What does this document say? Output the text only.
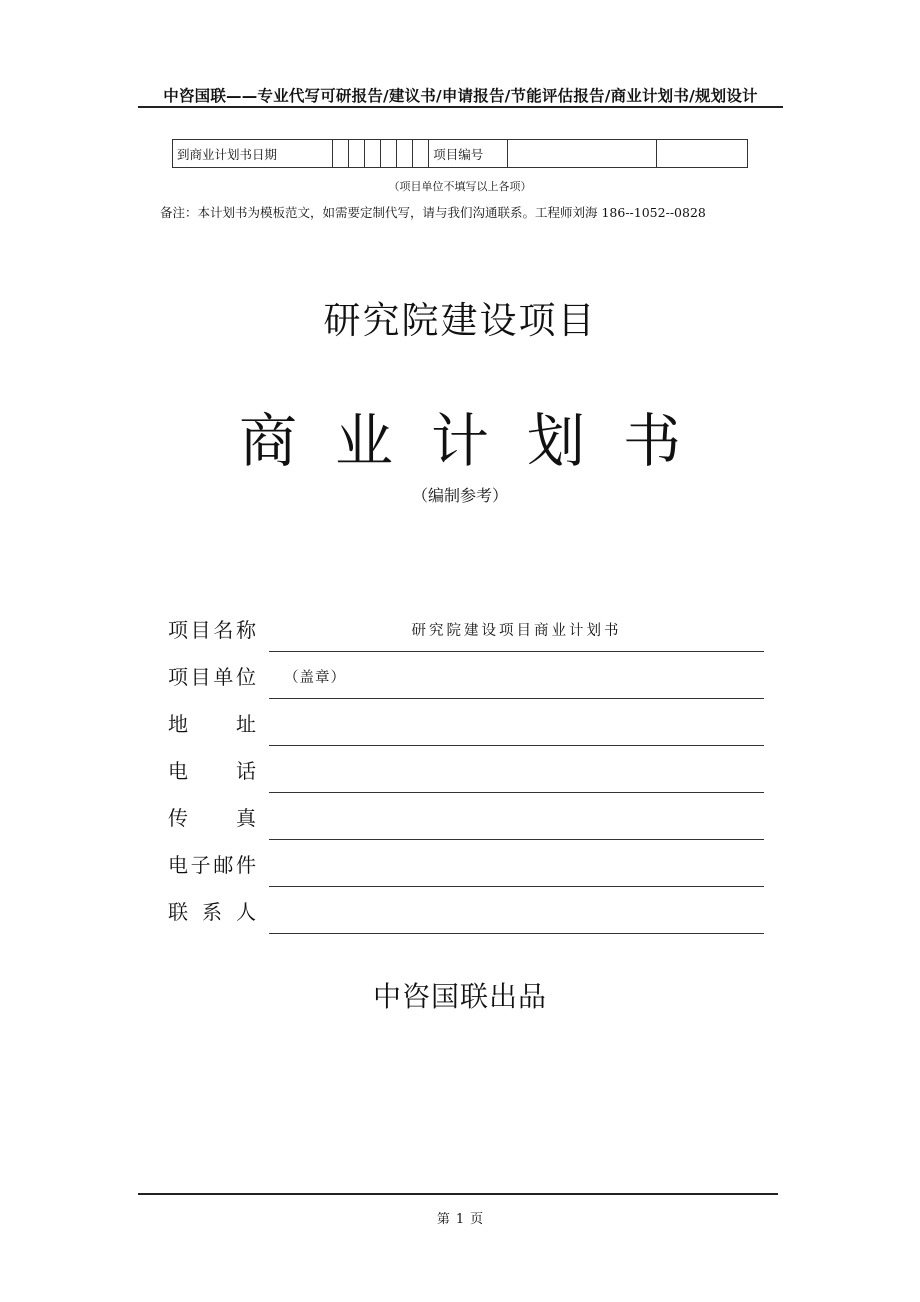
中咨国联——专业代写可研报告/建议书/申请报告/节能评估报告/商业计划书/规划设计
到商业计划书日期							项目编号		
（项目单位不填写以上各项）
备注：本计划书为模板范文，如需要定制代写，请与我们沟通联系。工程师刘海 186--1052--0828
研究院建设项目
商业计划书
（编制参考）
项 目 名 称	研究院建设项目商业计划书
项 目 单 位 （盖章）
地 址
电 话
传 真
电 子 邮 件
联 系 人
中咨国联出品
第 1 页
